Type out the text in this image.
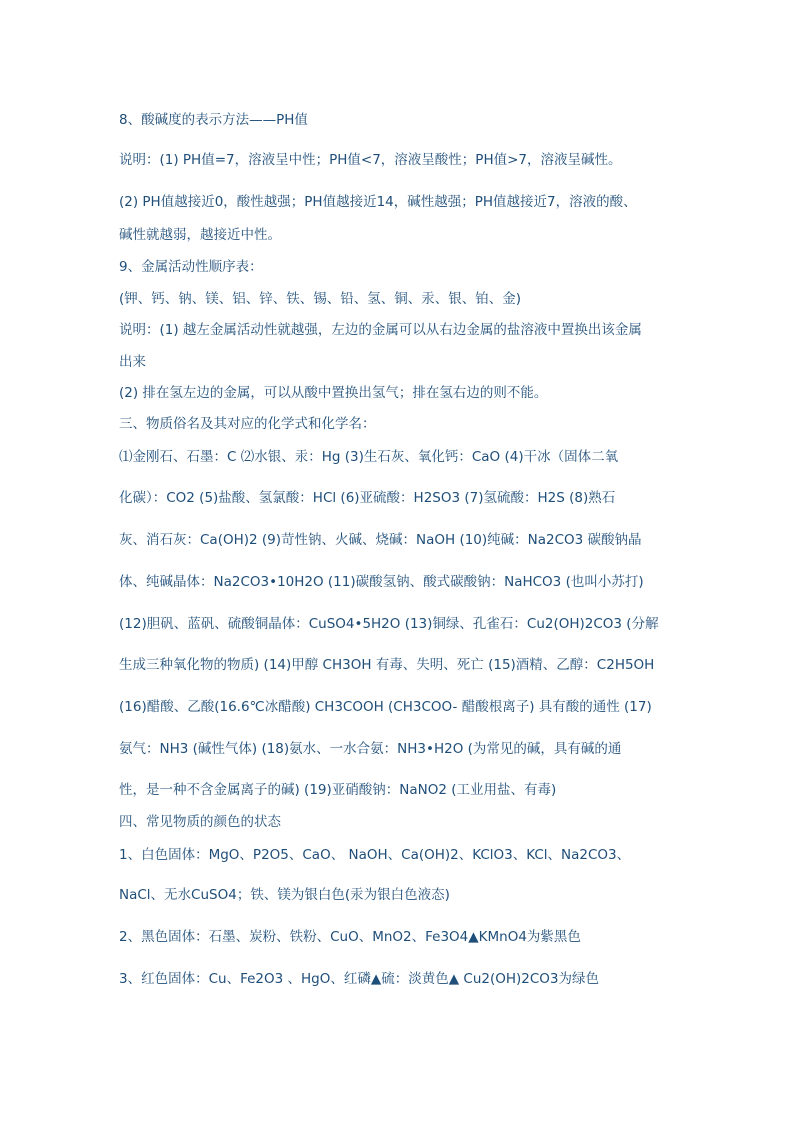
8、酸碱度的表示方法——PH值
说明：(1) PH值=7，溶液呈中性；PH值<7，溶液呈酸性；PH值>7，溶液呈碱性。
(2) PH值越接近0，酸性越强；PH值越接近14，碱性越强；PH值越接近7，溶液的酸、
碱性就越弱，越接近中性。
9、金属活动性顺序表：
(钾、钙、钠、镁、铝、锌、铁、锡、铅、氢、铜、汞、银、铂、金)
说明：(1) 越左金属活动性就越强，左边的金属可以从右边金属的盐溶液中置换出该金属
出来
(2) 排在氢左边的金属，可以从酸中置换出氢气；排在氢右边的则不能。
三、物质俗名及其对应的化学式和化学名：
⑴金刚石、石墨：C ⑵水银、汞：Hg (3)生石灰、氧化钙：CaO (4)干冰（固体二氧
化碳）：CO2 (5)盐酸、氢氯酸：HCl (6)亚硫酸：H2SO3 (7)氢硫酸：H2S (8)熟石
灰、消石灰：Ca(OH)2 (9)苛性钠、火碱、烧碱：NaOH (10)纯碱：Na2CO3 碳酸钠晶
体、纯碱晶体：Na2CO3•10H2O (11)碳酸氢钠、酸式碳酸钠：NaHCO3 (也叫小苏打)
(12)胆矾、蓝矾、硫酸铜晶体：CuSO4•5H2O (13)铜绿、孔雀石：Cu2(OH)2CO3 (分解
生成三种氧化物的物质) (14)甲醇 CH3OH 有毒、失明、死亡 (15)酒精、乙醇：C2H5OH
(16)醋酸、乙酸(16.6℃冰醋酸) CH3COOH (CH3COO- 醋酸根离子) 具有酸的通性 (17)
氨气：NH3 (碱性气体) (18)氨水、一水合氨：NH3•H2O (为常见的碱，具有碱的通
性，是一种不含金属离子的碱) (19)亚硝酸钠：NaNO2 (工业用盐、有毒)
四、常见物质的颜色的状态
1、白色固体：MgO、P2O5、CaO、 NaOH、Ca(OH)2、KClO3、KCl、Na2CO3、
NaCl、无水CuSO4；铁、镁为银白色(汞为银白色液态)
2、黑色固体：石墨、炭粉、铁粉、CuO、MnO2、Fe3O4▲KMnO4为紫黑色
3、红色固体：Cu、Fe2O3 、HgO、红磷▲硫：淡黄色▲ Cu2(OH)2CO3为绿色
